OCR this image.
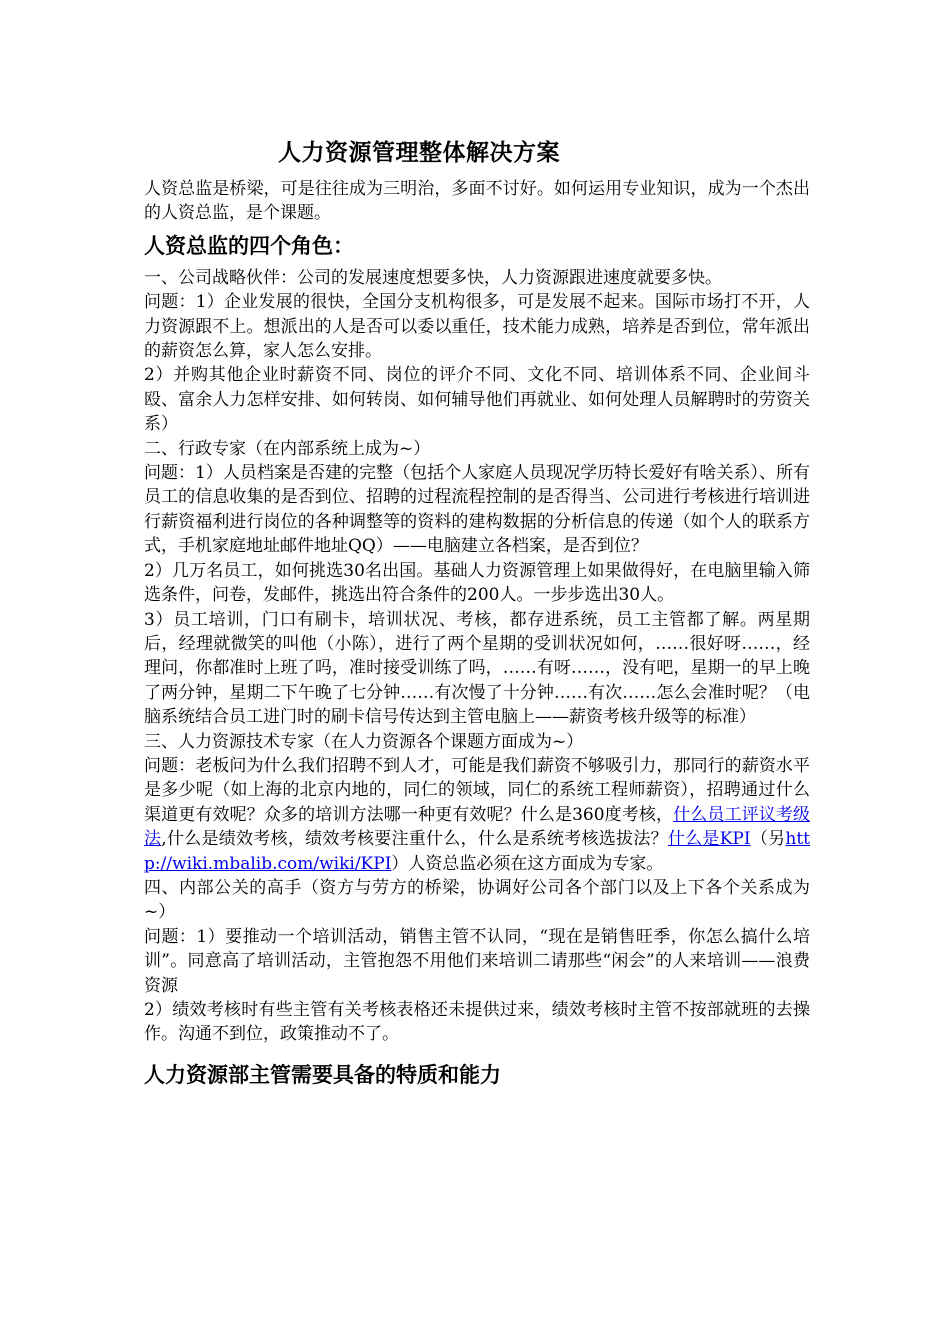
人力资源管理整体解决方案

人资总监是桥梁，可是往往成为三明治，多面不讨好。如何运用专业知识，成为一个杰出的人资总监，是个课题。

人资总监的四个角色：

一、公司战略伙伴：公司的发展速度想要多快，人力资源跟进速度就要多快。

问题：1）企业发展的很快，全国分支机构很多，可是发展不起来。国际市场打不开，人力资源跟不上。想派出的人是否可以委以重任，技术能力成熟，培养是否到位，常年派出的薪资怎么算，家人怎么安排。

2）并购其他企业时薪资不同、岗位的评介不同、文化不同、培训体系不同、企业间斗殴、富余人力怎样安排、如何转岗、如何辅导他们再就业、如何处理人员解聘时的劳资关系）

二、行政专家（在内部系统上成为~）

问题：1）人员档案是否建的完整（包括个人家庭人员现况学历特长爱好有啥关系）、所有员工的信息收集的是否到位、招聘的过程流程控制的是否得当、公司进行考核进行培训进行薪资福利进行岗位的各种调整等的资料的建构数据的分析信息的传递（如个人的联系方式，手机家庭地址邮件地址QQ）——电脑建立各档案，是否到位？

2）几万名员工，如何挑选30名出国。基础人力资源管理上如果做得好，在电脑里输入筛选条件，问卷，发邮件，挑选出符合条件的200人。一步步选出30人。

3）员工培训，门口有刷卡，培训状况、考核，都存进系统，员工主管都了解。两星期后，经理就微笑的叫他（小陈），进行了两个星期的受训状况如何，……很好呀……，经理问，你都准时上班了吗，准时接受训练了吗，……有呀……，没有吧，星期一的早上晚了两分钟，星期二下午晚了七分钟……有次慢了十分钟……有次……怎么会准时呢？（电脑系统结合员工进门时的刷卡信号传达到主管电脑上——薪资考核升级等的标准）

三、人力资源技术专家（在人力资源各个课题方面成为~）

问题：老板问为什么我们招聘不到人才，可能是我们薪资不够吸引力，那同行的薪资水平是多少呢（如上海的北京内地的，同仁的领域，同仁的系统工程师薪资），招聘通过什么渠道更有效呢？众多的培训方法哪一种更有效呢？什么是360度考核，什么员工评议考级法,什么是绩效考核，绩效考核要注重什么，什么是系统考核选拔法？什么是KPI（另http://wiki.mbalib.com/wiki/KPI）人资总监必须在这方面成为专家。

四、内部公关的高手（资方与劳方的桥梁，协调好公司各个部门以及上下各个关系成为~）

问题：1）要推动一个培训活动，销售主管不认同，“现在是销售旺季，你怎么搞什么培训”。同意高了培训活动，主管抱怨不用他们来培训二请那些“闲会”的人来培训——浪费资源

2）绩效考核时有些主管有关考核表格还未提供过来，绩效考核时主管不按部就班的去操作。沟通不到位，政策推动不了。

人力资源部主管需要具备的特质和能力
